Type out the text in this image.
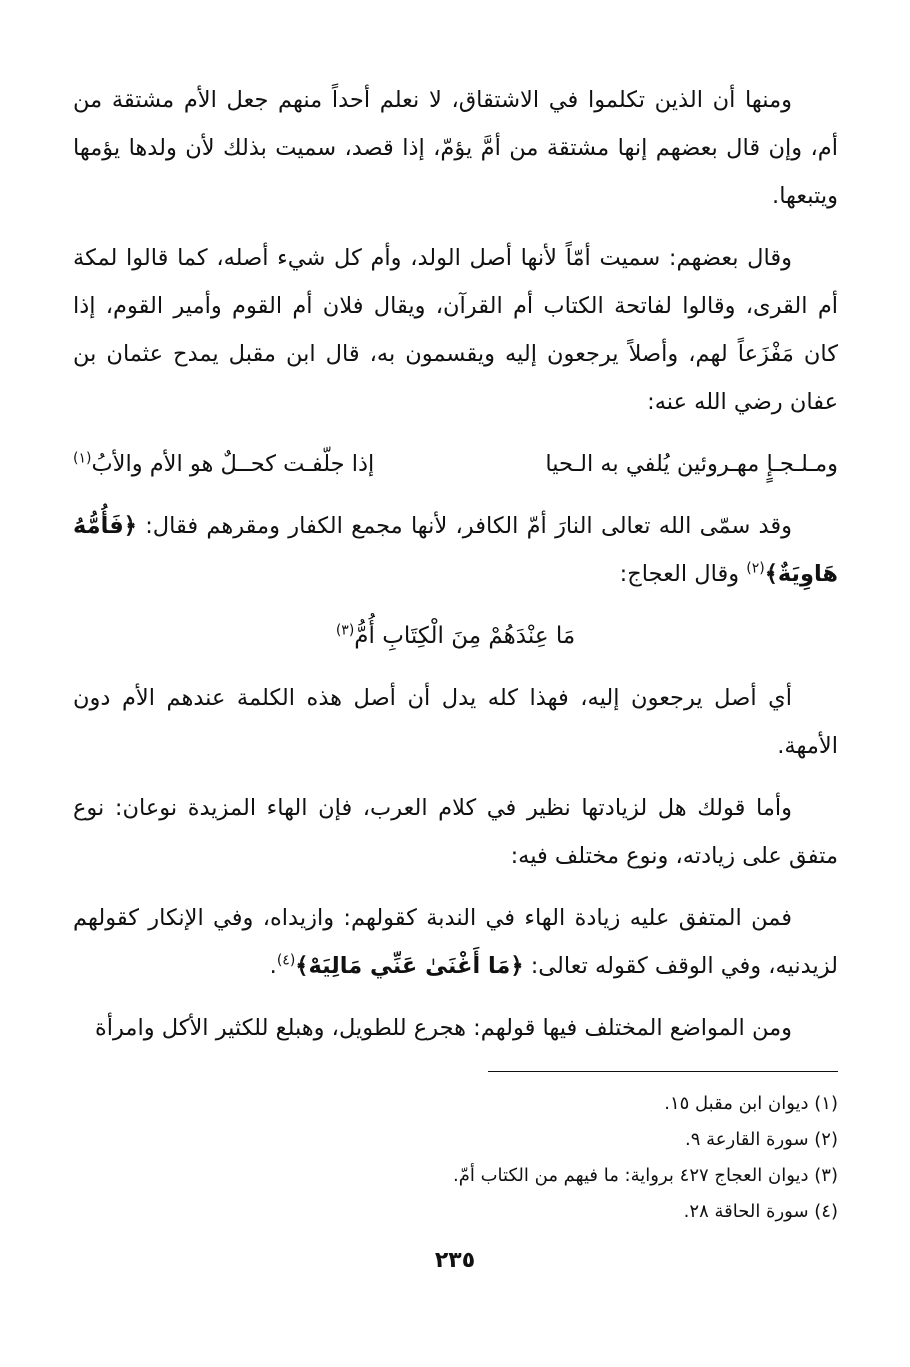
ومنها أن الذين تكلموا في الاشتقاق، لا نعلم أحداً منهم جعل الأم مشتقة من أم، وإن قال بعضهم إنها مشتقة من أمَّ يؤمّ، إذا قصد، سميت بذلك لأن ولدها يؤمها ويتبعها.

وقال بعضهم: سميت أمّاً لأنها أصل الولد، وأم كل شيء أصله، كما قالوا لمكة أم القرى، وقالوا لفاتحة الكتاب أم القرآن، ويقال فلان أم القوم وأمير القوم، إذا كان مَفْزَعاً لهم، وأصلاً يرجعون إليه ويقسمون به، قال ابن مقبل يمدح عثمان بن عفان رضي الله عنه:

ومـلـجـإٍ مهـروئين يُلفي به الـحيا
إذا جلّفـت كحــلٌ هو الأم والأبُ$^{(١)}$

وقد سمّى الله تعالى النارَ أمّ الكافر، لأنها مجمع الكفار ومقرهم فقال: ﴿فَأُمُّهُ هَاوِيَةٌ﴾$^{(٢)}$ وقال العجاج:

مَا عِنْدَهُمْ مِنَ الْكِتَابِ أُمُّ$^{(٣)}$

أي أصل يرجعون إليه، فهذا كله يدل أن أصل هذه الكلمة عندهم الأم دون الأمهة.

وأما قولك هل لزيادتها نظير في كلام العرب، فإن الهاء المزيدة نوعان: نوع متفق على زيادته، ونوع مختلف فيه:

فمن المتفق عليه زيادة الهاء في الندبة كقولهم: وازيداه، وفي الإنكار كقولهم لزيدنيه، وفي الوقف كقوله تعالى: ﴿مَا أَغْنَىٰ عَنِّي مَالِيَهْ﴾$^{(٤)}$.

ومن المواضع المختلف فيها قولهم: هجرع للطويل، وهبلع للكثير الأكل وامرأة

(١) ديوان ابن مقبل ١٥.

(٢) سورة القارعة ٩.

(٣) ديوان العجاج ٤٢٧ برواية: ما فيهم من الكتاب أمّ.

(٤) سورة الحاقة ٢٨.

٢٣٥
